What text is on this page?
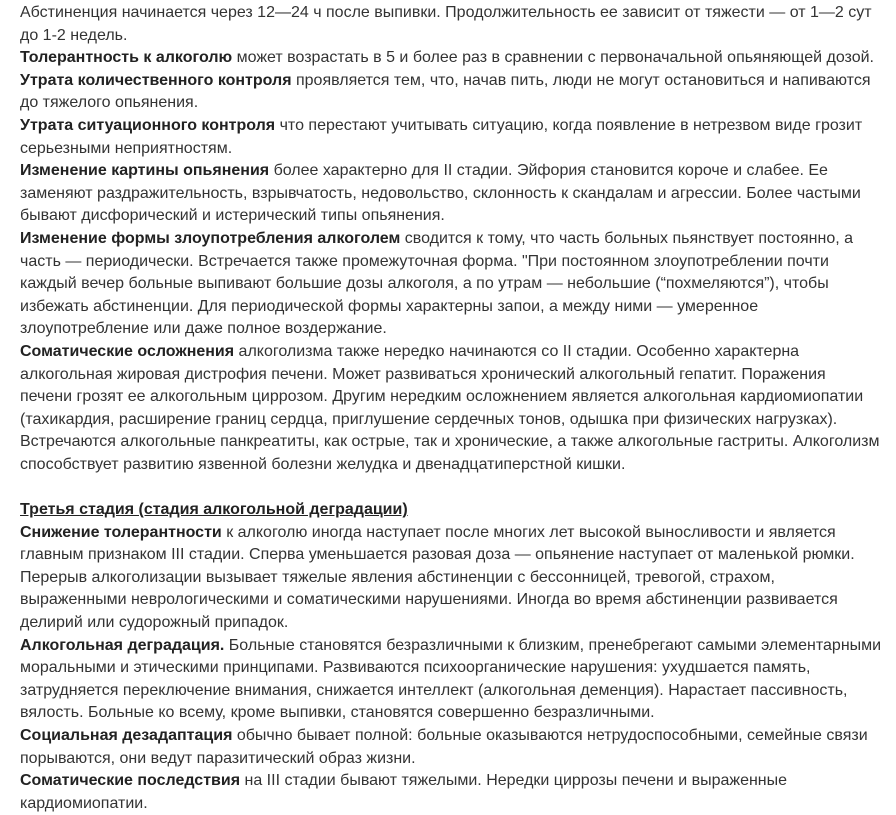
Абстиненция начинается через 12—24 ч после выпивки. Продолжительность ее зависит от тяжести — от 1—2 сут до 1-2 недель.

Толерантность к алкоголю может возрастать в 5 и более раз в сравнении с первоначальной опьяняющей дозой.

Утрата количественного контроля проявляется тем, что, начав пить, люди не могут остановиться и напиваются до тяжелого опьянения.

Утрата ситуационного контроля что перестают учитывать ситуацию, когда появление в нетрезвом виде грозит серьезными неприятностям.

Изменение картины опьянения более характерно для II стадии. Эйфория становится короче и слабее. Ее заменяют раздражительность, взрывчатость, недовольство, склонность к скандалам и агрессии. Более частыми бывают дисфорический и истерический типы опьянения.

Изменение формы злоупотребления алкоголем сводится к тому, что часть больных пьянствует постоянно, а часть — периодически. Встречается также промежуточная форма. "При постоянном злоупотреблении почти каждый вечер больные выпивают большие дозы алкоголя, а по утрам — небольшие (“похмеляются”), чтобы избежать абстиненции. Для периодической формы характерны запои, а между ними — умеренное злоупотребление или даже полное воздержание.

Соматические осложнения алкоголизма также нередко начинаются со II стадии. Особенно характерна алкогольная жировая дистрофия печени. Может развиваться хронический алкогольный гепатит. Поражения печени грозят ее алкогольным циррозом. Другим нередким осложнением является алкогольная кардиомиопатии (тахикардия, расширение границ сердца, приглушение сердечных тонов, одышка при физических нагрузках). Встречаются алкогольные панкреатиты, как острые, так и хронические, а также алкогольные гастриты. Алкоголизм способствует развитию язвенной болезни желудка и двенадцатиперстной кишки.

Третья стадия (стадия алкогольной деградации)

Снижение толерантности к алкоголю иногда наступает после многих лет высокой выносливости и является главным признаком III стадии. Сперва уменьшается разовая доза — опьянение наступает от маленькой рюмки. Перерыв алкоголизации вызывает тяжелые явления абстиненции с бессонницей, тревогой, страхом, выраженными неврологическими и соматическими нарушениями. Иногда во время абстиненции развивается делирий или судорожный припадок.

Алкогольная деградация. Больные становятся безразличными к близким, пренебрегают самыми элементарными моральными и этическими принципами. Развиваются психоорганические нарушения: ухудшается память, затрудняется переключение внимания, снижается интеллект (алкогольная деменция). Нарастает пассивность, вялость. Больные ко всему, кроме выпивки, становятся совершенно безразличными.

Социальная дезадаптация обычно бывает полной: больные оказываются нетрудоспособными, семейные связи порываются, они ведут паразитический образ жизни.

Соматические последствия на III стадии бывают тяжелыми. Нередки циррозы печени и выраженные кардиомиопатии.
